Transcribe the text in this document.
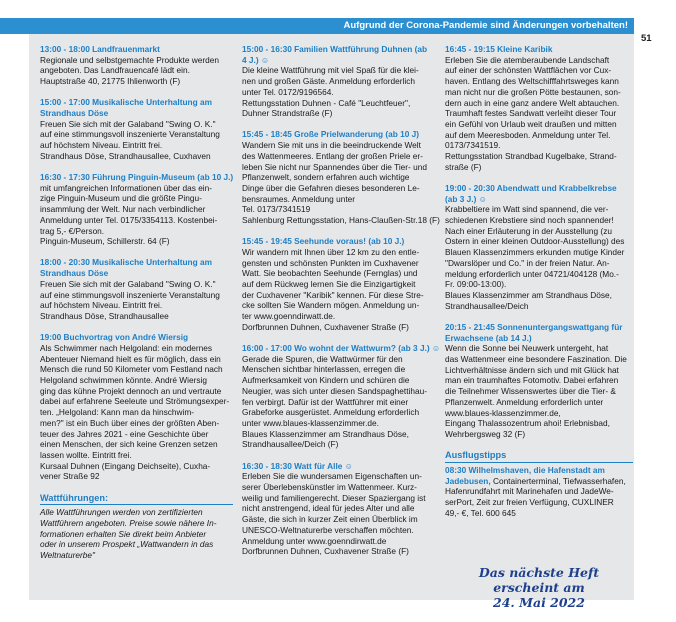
Aufgrund der Corona-Pandemie sind Änderungen vorbehalten!
51
13:00 - 18:00 Landfrauenmarkt
Regionale und selbstgemachte Produkte werden
angeboten. Das Landfrauencafé lädt ein.
Hauptstraße 40, 21775 Ihlienworth (F)
15:00 - 17:00 Musikalische Unterhaltung am
Strandhaus Döse
Freuen Sie sich mit der Galaband "Swing O. K."
auf eine stimmungsvoll inszenierte Veranstaltung
auf höchstem Niveau. Eintritt frei.
Strandhaus Döse, Strandhausallee, Cuxhaven
16:30 - 17:30 Führung Pinguin-Museum (ab 10 J.)
mit umfangreichen Informationen über das ein-
zige Pinguin-Museum und die größte Pingu-
insammlung der Welt. Nur nach verbindlicher
Anmeldung unter Tel. 0175/3354113. Kostenbei-
trag 5,- €/Person.
Pinguin-Museum, Schillerstr. 64 (F)
18:00 - 20:30 Musikalische Unterhaltung am
Strandhaus Döse
Freuen Sie sich mit der Galaband "Swing O. K."
auf eine stimmungsvoll inszenierte Veranstaltung
auf höchstem Niveau. Eintritt frei.
Strandhaus Döse, Strandhausallee
19:00 Buchvortrag von André Wiersig
Als Schwimmer nach Helgoland: ein modernes
Abenteuer Niemand hielt es für möglich, dass ein
Mensch die rund 50 Kilometer vom Festland nach
Helgoland schwimmen könnte. André Wiersig
ging das kühne Projekt dennoch an und vertraute
dabei auf erfahrene Seeleute und Strömungsexper-
ten. „Helgoland: Kann man da hinschwim-
men?" ist ein Buch über eines der größten Aben-
teuer des Jahres 2021 - eine Geschichte über
einen Menschen, der sich keine Grenzen setzen
lassen wollte. Eintritt frei.
Kursaal Duhnen (Eingang Deichseite), Cuxha-
vener Straße 92
Wattführungen:
Alle Wattführungen werden von zertifizierten
Wattführern angeboten. Preise sowie nähere In-
formationen erhalten Sie direkt beim Anbieter
oder in unserem Prospekt „Wattwandern in das
Weltnaturerbe"
15:00 - 16:30 Familien Wattführung Duhnen (ab
4 J.) ☺
Die kleine Wattführung mit viel Spaß für die klei-
nen und großen Gäste. Anmeldung erforderlich
unter Tel. 0172/9196564.
Rettungsstation Duhnen - Café "Leuchtfeuer",
Duhner Strandstraße (F)
15:45 - 18:45 Große Prielwanderung (ab 10 J)
Wandern Sie mit uns in die beeindruckende Welt
des Wattenmeeres. Entlang der großen Priele er-
leben Sie nicht nur Spannendes über die Tier- und
Pflanzenwelt, sondern erfahren auch wichtige
Dinge über die Gefahren dieses besonderen Le-
bensraumes. Anmeldung unter
Tel. 0173/7341519
Sahlenburg Rettungsstation, Hans-Claußen-Str.18 (F)
15:45 - 19:45 Seehunde voraus! (ab 10 J.)
Wir wandern mit Ihnen über 12 km zu den entle-
gensten und schönsten Punkten im Cuxhavener
Watt. Sie beobachten Seehunde (Fernglas) und
auf dem Rückweg lernen Sie die Einzigartigkeit
der Cuxhavener "Karibik" kennen. Für diese Stre-
cke sollten Sie Wandern mögen. Anmeldung un-
ter www.goenndirwatt.de.
Dorfbrunnen Duhnen, Cuxhavener Straße (F)
16:00 - 17:00 Wo wohnt der Wattwurm? (ab 3 J.) ☺
Gerade die Spuren, die Wattwürmer für den
Menschen sichtbar hinterlassen, erregen die
Aufmerksamkeit von Kindern und schüren die
Neugier, was sich unter diesen Sandspaghettihau-
fen verbirgt. Dafür ist der Wattführer mit einer
Grabeforke ausgerüstet. Anmeldung erforderlich
unter www.blaues-klassenzimmer.de.
Blaues Klassenzimmer am Strandhaus Döse,
Strandhausallee/Deich (F)
16:30 - 18:30 Watt für Alle ☺
Erleben Sie die wundersamen Eigenschaften un-
serer Überlebenskünstler im Wattenmeer. Kurz-
weilig und familiengerecht. Dieser Spaziergang ist
nicht anstrengend, ideal für jedes Alter und alle
Gäste, die sich in kurzer Zeit einen Überblick im
UNESCO-Weltnaturerbe verschaffen möchten.
Anmeldung unter www.goenndirwatt.de
Dorfbrunnen Duhnen, Cuxhavener Straße (F)
16:45 - 19:15 Kleine Karibik
Erleben Sie die atemberaubende Landschaft
auf einer der schönsten Wattflächen vor Cux-
haven. Entlang des Weltschifffahrtsweges kann
man nicht nur die großen Pötte bestaunen, son-
dern auch in eine ganz andere Welt abtauchen.
Traumhaft festes Sandwatt verleiht dieser Tour
ein Gefühl von Urlaub weit draußen und mitten
auf dem Meeresboden. Anmeldung unter Tel.
0173/7341519.
Rettungsstation Strandbad Kugelbake, Strand-
straße (F)
19:00 - 20:30 Abendwatt und Krabbelkrebse
(ab 3 J.) ☺
Krabbeltiere im Watt sind spannend, die ver-
schiedenen Krebstiere sind noch spannender!
Nach einer Erläuterung in der Ausstellung (zu
Ostern in einer kleinen Outdoor-Ausstellung) des
Blauen Klassenzimmers erkunden mutige Kinder
"Dwarslöper und Co." in der freien Natur. An-
meldung erforderlich unter 04721/404128 (Mo.-
Fr. 09:00-13:00).
Blaues Klassenzimmer am Strandhaus Döse,
Strandhausallee/Deich
20:15 - 21:45 Sonnenuntergangswattgang für
Erwachsene (ab 14 J.)
Wenn die Sonne bei Neuwerk untergeht, hat
das Wattenmeer eine besondere Faszination. Die
Lichtverhältnisse ändern sich und mit Glück hat
man ein traumhaftes Fotomotiv. Dabei erfahren
die Teilnehmer Wissenswertes über die Tier- &
Pflanzenwelt. Anmeldung erforderlich unter
www.blaues-klassenzimmer.de,
Eingang Thalassozentrum ahoi! Erlebnisbad,
Wehrbergsweg 32 (F)
Ausflugstipps
08:30 Wilhelmshaven, die Hafenstadt am
Jadebusen, Containerterminal, Tiefwasserhafen,
Hafenrundfahrt mit Marinehafen und JadeWe-
serPort, Zeit zur freien Verfügung, CUXLINER
49,- €, Tel. 600 645
Das nächste Heft erscheint am
24. Mai 2022
